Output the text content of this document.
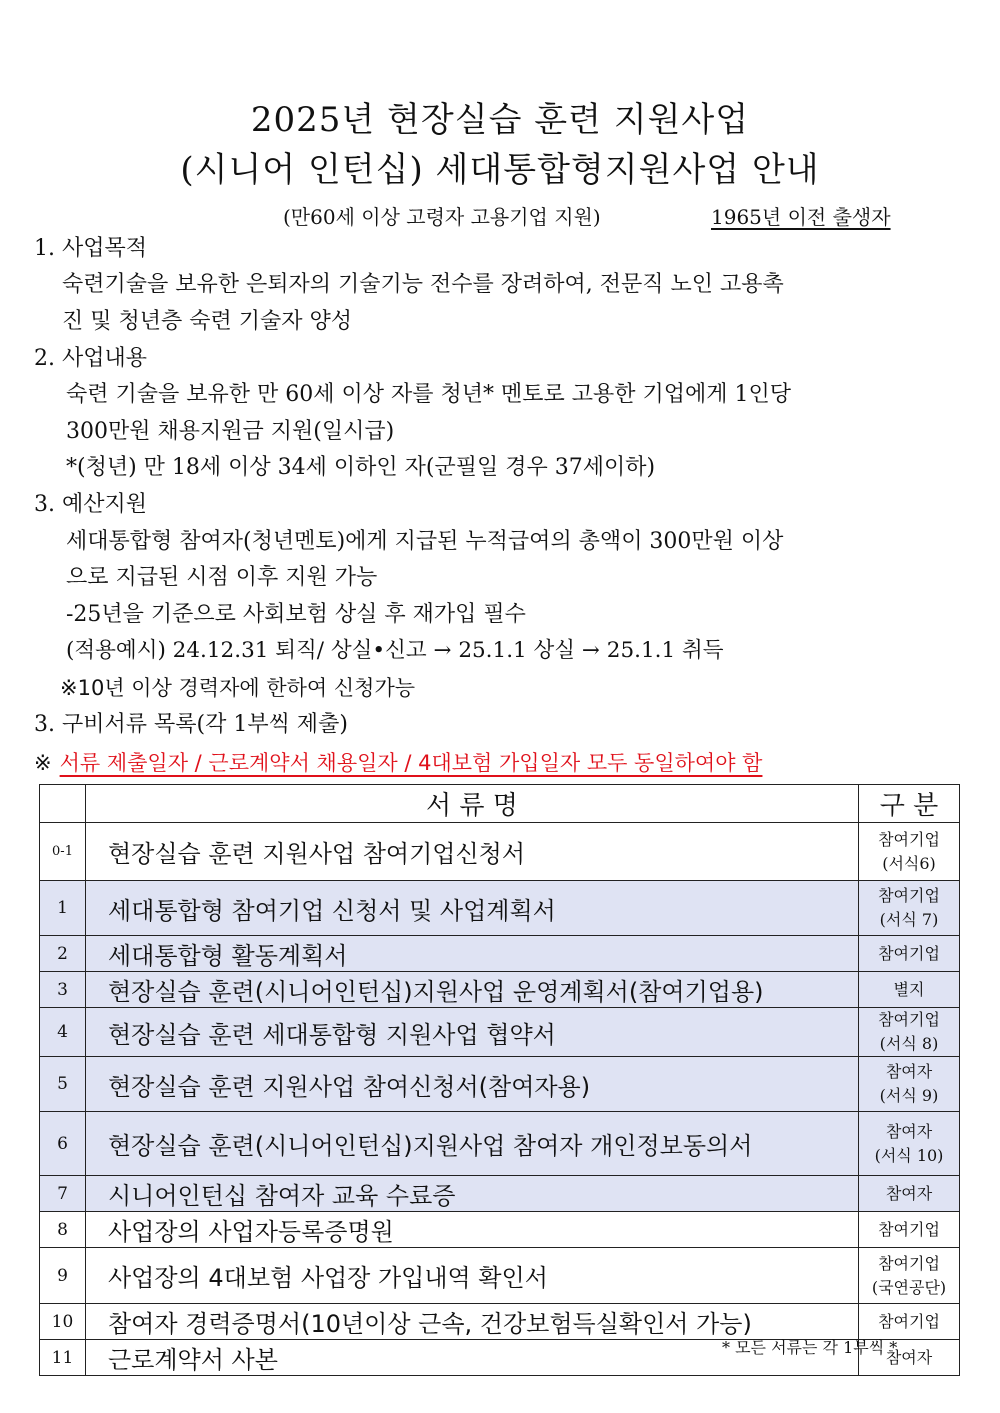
2025년 현장실습 훈련 지원사업
(시니어 인턴십) 세대통합형지원사업 안내
(만60세 이상 고령자 고용기업 지원)	1965년 이전 출생자
1. 사업목적
숙련기술을 보유한 은퇴자의 기술기능 전수를 장려하여, 전문직 노인 고용촉
진 및 청년층 숙련 기술자 양성
2. 사업내용
숙련 기술을 보유한 만 60세 이상 자를 청년* 멘토로 고용한 기업에게 1인당
300만원 채용지원금 지원(일시급)
*(청년) 만 18세 이상 34세 이하인 자(군필일 경우 37세이하)
3. 예산지원
세대통합형 참여자(청년멘토)에게 지급된 누적급여의 총액이 300만원 이상
으로 지급된 시점 이후 지원 가능
-25년을 기준으로 사회보험 상실 후 재가입 필수
(적용예시) 24.12.31 퇴직/ 상실•신고 → 25.1.1 상실 → 25.1.1 취득
※10년 이상 경력자에 한하여 신청가능
3. 구비서류 목록(각 1부씩 제출)
※ 서류 제출일자 / 근로계약서 채용일자 / 4대보험 가입일자 모두 동일하여야 함
	서 류 명	구 분
0-1	현장실습 훈련 지원사업 참여기업신청서	참여기업
(서식6)
1	세대통합형 참여기업 신청서 및 사업계획서	참여기업
(서식 7)
2	세대통합형 활동계획서	참여기업
3	현장실습 훈련(시니어인턴십)지원사업 운영계획서(참여기업용)	별지
4	현장실습 훈련 세대통합형 지원사업 협약서	참여기업
(서식 8)
5	현장실습 훈련 지원사업 참여신청서(참여자용)	참여자
(서식 9)
6	현장실습 훈련(시니어인턴십)지원사업 참여자 개인정보동의서	참여자
(서식 10)
7	시니어인턴십 참여자 교육 수료증	참여자
8	사업장의 사업자등록증명원	참여기업
9	사업장의 4대보험 사업장 가입내역 확인서	참여기업
(국연공단)
10	참여자 경력증명서(10년이상 근속, 건강보험득실확인서 가능)	참여기업
11	근로계약서 사본	참여자
* 모든 서류는 각 1부씩 *
